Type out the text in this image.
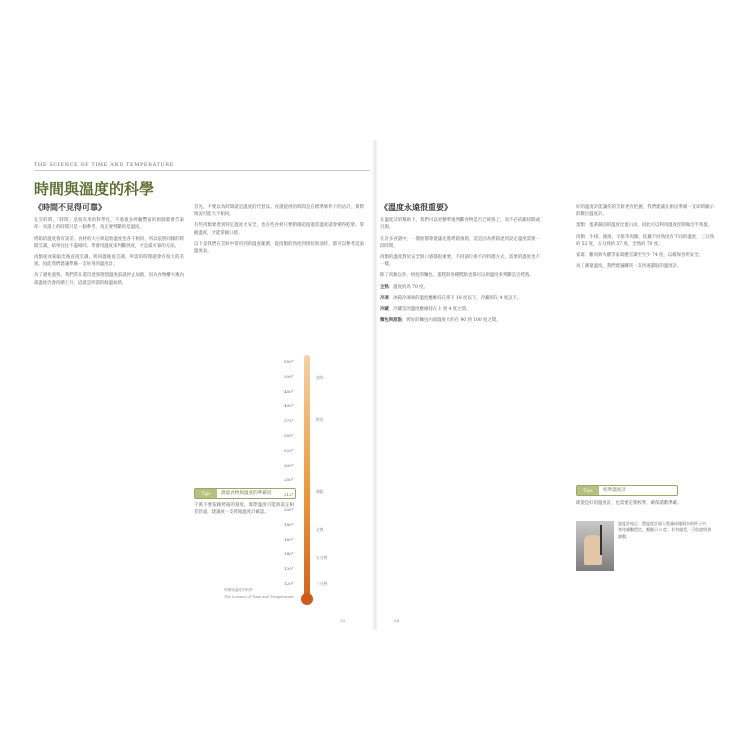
THE SCIENCE OF TIME AND TEMPERATURE
時間與溫度的科學
《時間不見得可靠》

在烹飪時，「時間」是很有用的科學化，不過很多經驗豐富的廚師都會告訴你：食譜上的時間只是一個參考，真正要判斷的是溫度。

烤箱的溫度會有誤差、食材的大小與起始溫度也各不相同，所以依照同樣的時間烹調，結果往往不盡相同。學會用溫度來判斷熟度，才是最可靠的方法。

肉類從冰箱取出後直接烹調，與回溫後再烹調，所需的時間就會有很大的差異。因此我們建議準備一支好用的溫度計。

為了避免過熟，我們常在還沒達到理想溫度前就停止加熱，因為食物離火後內部溫度仍會持續上升，這就是所謂的餘溫加熱。

首先，不要以為時間就是溫度的代替品。食譜提供的時間是在標準條件下的估計，實際情況可能大不相同。

有些肉類要煮到特定溫度才安全，也有些食材只要稍微超過適當溫度就會變得乾柴。掌握溫度，才能掌握口感。

以下是我們在烹飪中常用到的溫度範圍，從肉類的熟度到烘焙與油炸，都可以參考這張溫度表。

Tips	測量食物與溫度的準確度
千萬不要依賴烤箱的刻度，實際溫度可能與設定相差甚遠，建議放一支烤箱溫度計確認。
550°
500°
450°
400°
375°
350°
325°
300°
250°
212°
200°
180°
160°
140°
130°
120°
油炸
烘焙
沸點
全熟
五分熟
三分熟
時間與溫度的科學
The Science of Time and Temperature
33
《溫度永遠很重要》

在溫度計的幫助下，我們可以更精準地判斷食物是否已經熟了，而不必依賴切開或目測。

在許多食譜中，一開始都會建議先將烤箱預熱，這是因為烤箱達到設定溫度需要一段時間。

肉類的溫度對於安全與口感都很重要，不同部位與不同料理方式，需要的溫度也不一樣。

除了肉類以外，烘焙的麵包、蛋糕與各種糕點也都可以用溫度來判斷是否烤熟。

全熟：溫度約為 70 度。

冷凍：冰箱冷凍庫的溫度應維持在零下 18 度以下，冷藏則在 4 度以下。

冷藏：冷藏室的溫度應維持在 1 到 4 度之間。

麵包與甜點：烤好的麵包內部溫度大約在 90 到 100 度之間。

好的溫度計能讓你的烹飪更有把握，我們建議在廚房準備一支即時顯示的數位溫度計。

蛋類：蛋黃凝固的溫度比蛋白高，因此可以利用溫度控制做出半熟蛋。

肉類：牛排、豬排、羊排等肉類，依據不同熟度有不同的溫度，三分熟約 52 度，五分熟約 57 度，全熟約 70 度。

家禽：雞肉與火雞等家禽應烹調至至少 74 度，以確保食用安全。

為了測量溫度，我們建議購買一支快速讀取的溫度計。

Tips	校準溫度計
即使是好的溫度計，也需要定期校準，確保讀數準確。
溫度計校正：將溫度計插入裝滿冰塊與水的杯子中，等待讀數穩定，應顯示 0 度；若有偏差，可依說明書調整。
34
